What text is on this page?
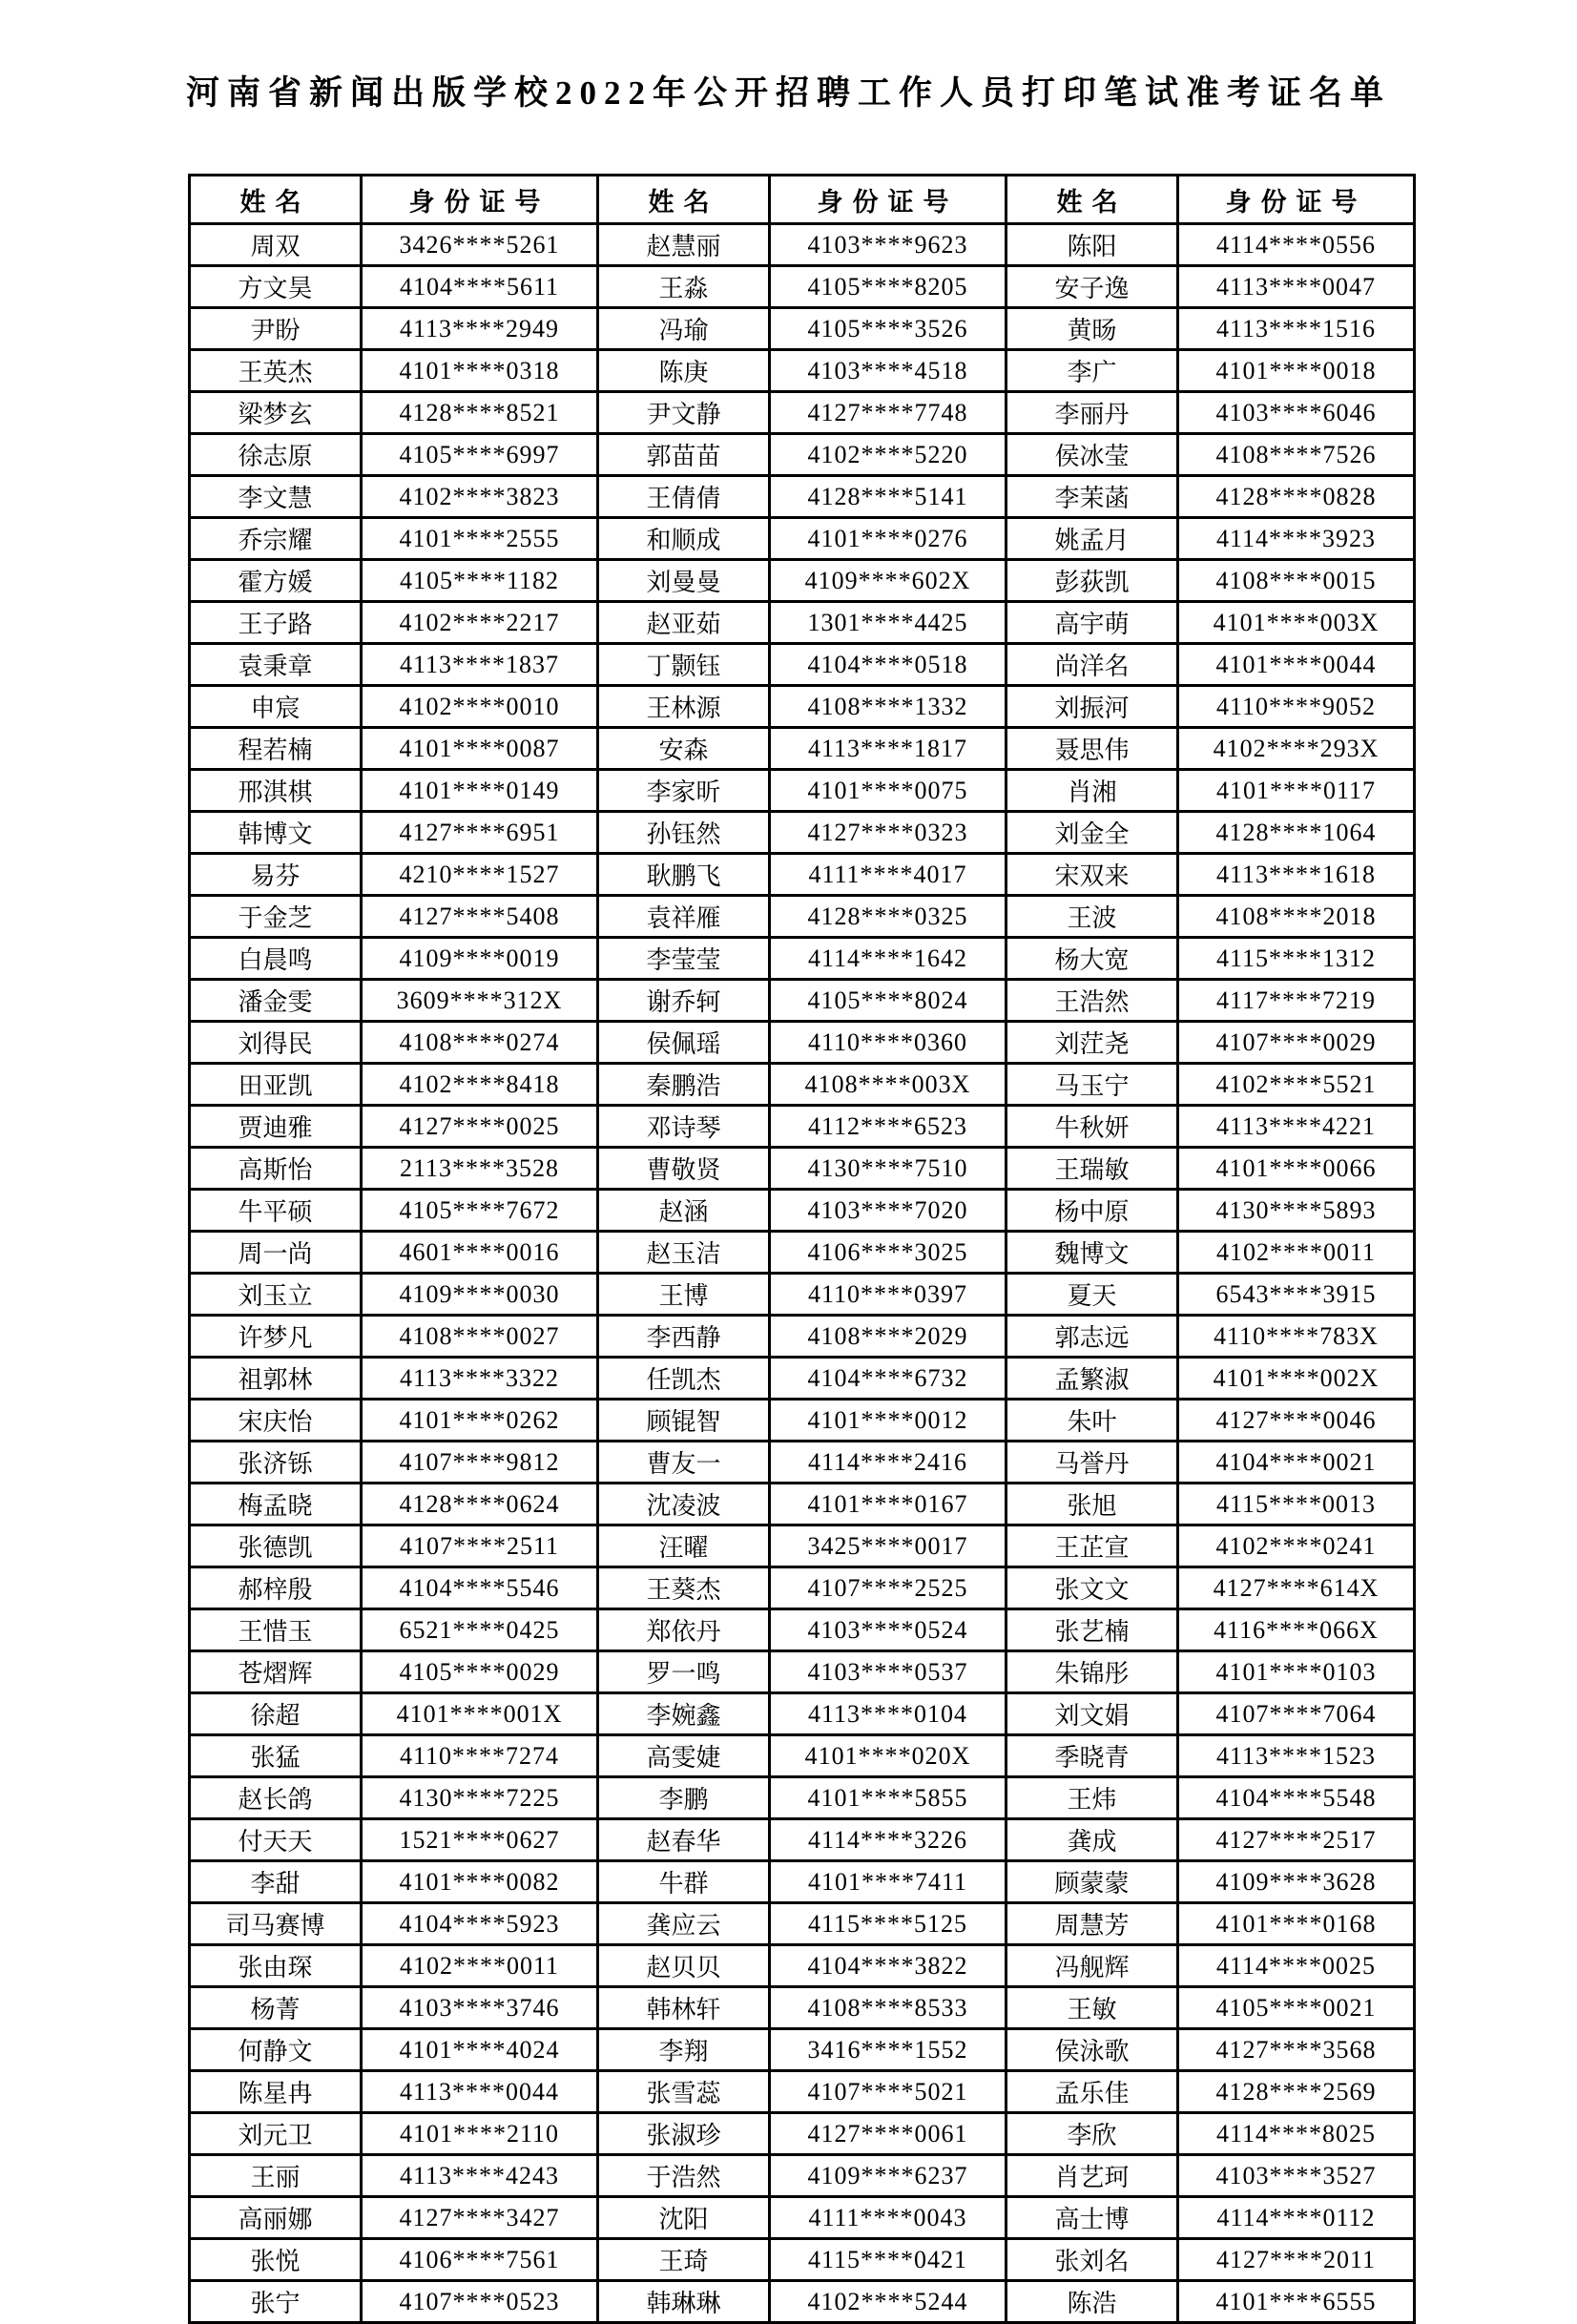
河南省新闻出版学校2022年公开招聘工作人员打印笔试准考证名单
姓名	身份证号	姓名	身份证号	姓名	身份证号
周双	3426****5261	赵慧丽	4103****9623	陈阳	4114****0556
方文昊	4104****5611	王淼	4105****8205	安子逸	4113****0047
尹盼	4113****2949	冯瑜	4105****3526	黄旸	4113****1516
王英杰	4101****0318	陈庚	4103****4518	李广	4101****0018
梁梦玄	4128****8521	尹文静	4127****7748	李丽丹	4103****6046
徐志原	4105****6997	郭苗苗	4102****5220	侯冰莹	4108****7526
李文慧	4102****3823	王倩倩	4128****5141	李茉菡	4128****0828
乔宗耀	4101****2555	和顺成	4101****0276	姚孟月	4114****3923
霍方媛	4105****1182	刘曼曼	4109****602X	彭荻凯	4108****0015
王子路	4102****2217	赵亚茹	1301****4425	高宇萌	4101****003X
袁秉章	4113****1837	丁颢钰	4104****0518	尚洋名	4101****0044
申宸	4102****0010	王林源	4108****1332	刘振河	4110****9052
程若楠	4101****0087	安森	4113****1817	聂思伟	4102****293X
邢淇棋	4101****0149	李家昕	4101****0075	肖湘	4101****0117
韩博文	4127****6951	孙钰然	4127****0323	刘金全	4128****1064
易芬	4210****1527	耿鹏飞	4111****4017	宋双来	4113****1618
于金芝	4127****5408	袁祥雁	4128****0325	王波	4108****2018
白晨鸣	4109****0019	李莹莹	4114****1642	杨大宽	4115****1312
潘金雯	3609****312X	谢乔轲	4105****8024	王浩然	4117****7219
刘得民	4108****0274	侯佩瑶	4110****0360	刘茳尧	4107****0029
田亚凯	4102****8418	秦鹏浩	4108****003X	马玉宁	4102****5521
贾迪雅	4127****0025	邓诗琴	4112****6523	牛秋妍	4113****4221
高斯怡	2113****3528	曹敬贤	4130****7510	王瑞敏	4101****0066
牛平硕	4105****7672	赵涵	4103****7020	杨中原	4130****5893
周一尚	4601****0016	赵玉洁	4106****3025	魏博文	4102****0011
刘玉立	4109****0030	王博	4110****0397	夏天	6543****3915
许梦凡	4108****0027	李西静	4108****2029	郭志远	4110****783X
祖郭林	4113****3322	任凯杰	4104****6732	孟繁淑	4101****002X
宋庆怡	4101****0262	顾锟智	4101****0012	朱叶	4127****0046
张济铄	4107****9812	曹友一	4114****2416	马誉丹	4104****0021
梅孟晓	4128****0624	沈凌波	4101****0167	张旭	4115****0013
张德凯	4107****2511	汪曜	3425****0017	王芷宣	4102****0241
郝梓殷	4104****5546	王葵杰	4107****2525	张文文	4127****614X
王惜玉	6521****0425	郑依丹	4103****0524	张艺楠	4116****066X
苍熠辉	4105****0029	罗一鸣	4103****0537	朱锦彤	4101****0103
徐超	4101****001X	李婉鑫	4113****0104	刘文娟	4107****7064
张猛	4110****7274	高雯婕	4101****020X	季晓青	4113****1523
赵长鸽	4130****7225	李鹏	4101****5855	王炜	4104****5548
付天天	1521****0627	赵春华	4114****3226	龚成	4127****2517
李甜	4101****0082	牛群	4101****7411	顾蒙蒙	4109****3628
司马赛博	4104****5923	龚应云	4115****5125	周慧芳	4101****0168
张由琛	4102****0011	赵贝贝	4104****3822	冯舰辉	4114****0025
杨菁	4103****3746	韩林轩	4108****8533	王敏	4105****0021
何静文	4101****4024	李翔	3416****1552	侯泳歌	4127****3568
陈星冉	4113****0044	张雪蕊	4107****5021	孟乐佳	4128****2569
刘元卫	4101****2110	张淑珍	4127****0061	李欣	4114****8025
王丽	4113****4243	于浩然	4109****6237	肖艺珂	4103****3527
高丽娜	4127****3427	沈阳	4111****0043	高士博	4114****0112
张悦	4106****7561	王琦	4115****0421	张刘名	4127****2011
张宁	4107****0523	韩琳琳	4102****5244	陈浩	4101****6555
